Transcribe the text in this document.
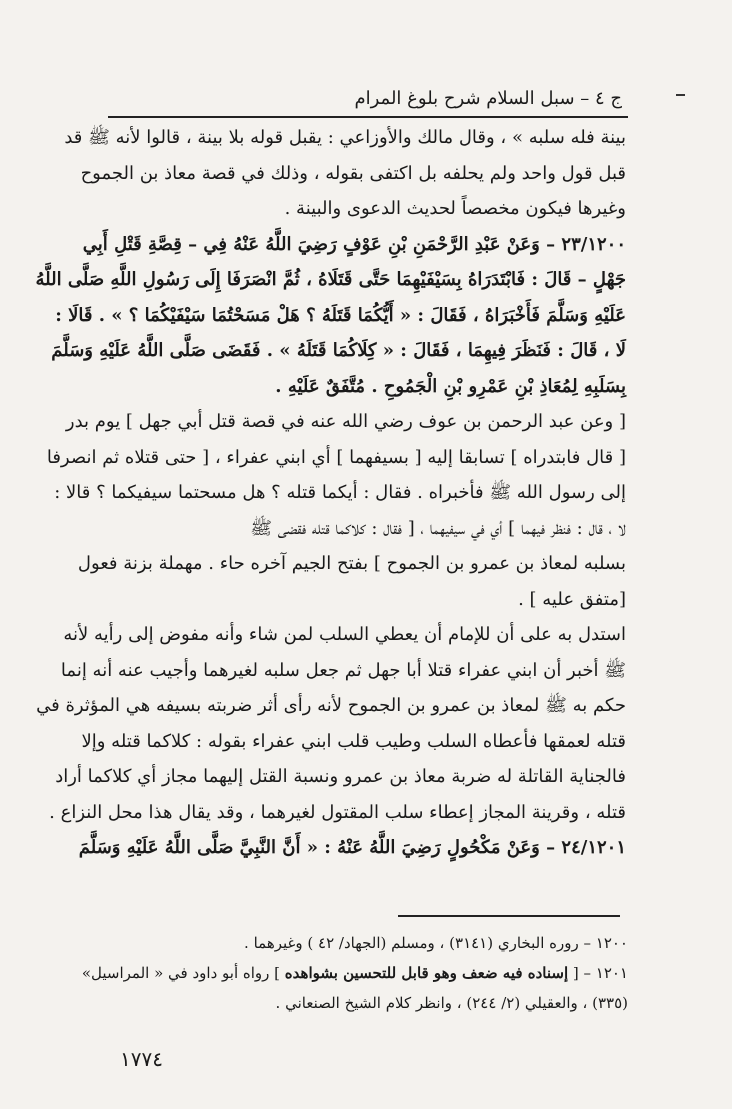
ج ٤ – سبل السلام شرح بلوغ المرام
بينة فله سلبه » ، وقال مالك والأوزاعي : يقبل قوله بلا بينة ، قالوا لأنه ﷺ قد
قبل قول واحد ولم يحلفه بل اكتفى بقوله ، وذلك في قصة معاذ بن الجموح
وغيرها فيكون مخصصاً لحديث الدعوى والبينة .
٢٣/١٢٠٠ – وَعَنْ عَبْدِ الرَّحْمَنِ بْنِ عَوْفٍ رَضِيَ اللَّهُ عَنْهُ فِي – قِصَّةِ قَتْلِ أَبِي
جَهْلٍ – قَالَ : فَابْتَدَرَاهُ بِسَيْفَيْهِمَا حَتَّى قَتَلَاهُ ، ثُمَّ انْصَرَفَا إِلَى رَسُولِ اللَّهِ صَلَّى اللَّهُ
عَلَيْهِ وَسَلَّمَ فَأَخْبَرَاهُ ، فَقَالَ : « أَيُّكُمَا قَتَلَهُ ؟ هَلْ مَسَحْتُمَا سَيْفَيْكُمَا ؟ » . قَالَا :
لَا ، قَالَ : فَنَظَرَ فِيهِمَا ، فَقَالَ : « كِلَاكُمَا قَتَلَهُ » . فَقَضَى صَلَّى اللَّهُ عَلَيْهِ وَسَلَّمَ
بِسَلَبِهِ لِمُعَاذِ بْنِ عَمْرِو بْنِ الْجَمُوحِ . مُتَّفَقٌ عَلَيْهِ .
[ وعن عبد الرحمن بن عوف رضي الله عنه في قصة قتل أبي جهل ] يوم بدر
[ قال فابتدراه ] تسابقا إليه [ بسيفهما ] أي ابني عفراء ، [ حتى قتلاه ثم انصرفا
إلى رسول الله ﷺ فأخبراه . فقال : أيكما قتله ؟ هل مسحتما سيفيكما ؟ قالا :
لا ، قال : فنظر فيهما ] أي في سيفيهما ، [ فقال : كلاكما قتله فقضى ﷺ
بسلبه لمعاذ بن عمرو بن الجموح ] بفتح الجيم آخره حاء . مهملة بزنة فعول
[متفق عليه ] .
استدل به على أن للإمام أن يعطي السلب لمن شاء وأنه مفوض إلى رأيه لأنه
ﷺ أخبر أن ابني عفراء قتلا أبا جهل ثم جعل سلبه لغيرهما وأجيب عنه أنه إنما
حكم به ﷺ لمعاذ بن عمرو بن الجموح لأنه رأى أثر ضربته بسيفه هي المؤثرة في
قتله لعمقها فأعطاه السلب وطيب قلب ابني عفراء بقوله : كلاكما قتله وإلا
فالجناية القاتلة له ضربة معاذ بن عمرو ونسبة القتل إليهما مجاز أي كلاكما أراد
قتله ، وقرينة المجاز إعطاء سلب المقتول لغيرهما ، وقد يقال هذا محل النزاع .
٢٤/١٢٠١ – وَعَنْ مَكْحُولٍ رَضِيَ اللَّهُ عَنْهُ : « أَنَّ النَّبِيَّ صَلَّى اللَّهُ عَلَيْهِ وَسَلَّمَ
١٢٠٠ – روره البخاري (٣١٤١) ، ومسلم (الجهاد/ ٤٢ ) وغيرهما .
١٢٠١ – [ إسناده فيه ضعف وهو قابل للتحسين بشواهده ] رواه أبو داود في « المراسيل»
(٣٣٥) ، والعقيلي (٢/ ٢٤٤) ، وانظر كلام الشيخ الصنعاني .
١٧٧٤
